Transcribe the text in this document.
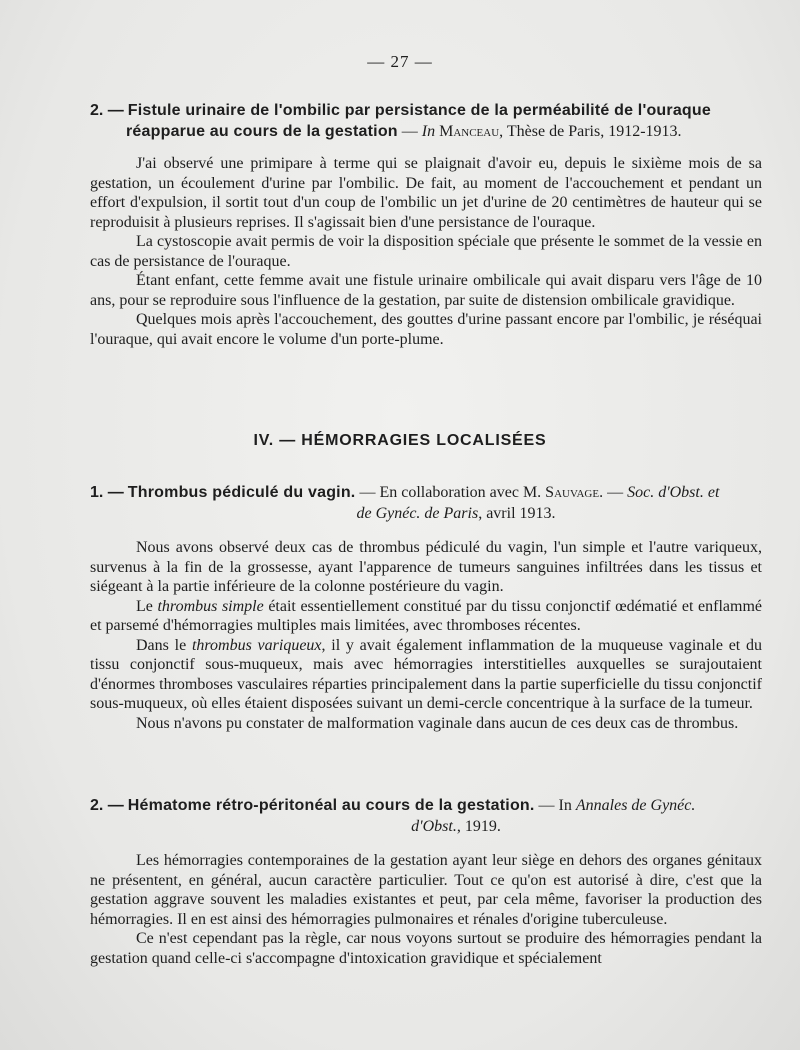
— 27 —
2. — Fistule urinaire de l'ombilic par persistance de la perméabilité de l'ouraque
réapparue au cours de la gestation — In Manceau, Thèse de Paris, 1912-1913.

J'ai observé une primipare à terme qui se plaignait d'avoir eu, depuis le sixième mois de sa gestation, un écoulement d'urine par l'ombilic. De fait, au moment de l'accouchement et pendant un effort d'expulsion, il sortit tout d'un coup de l'ombilic un jet d'urine de 20 centimètres de hauteur qui se reproduisit à plusieurs reprises. Il s'agissait bien d'une persistance de l'ouraque.

La cystoscopie avait permis de voir la disposition spéciale que présente le sommet de la vessie en cas de persistance de l'ouraque.

Étant enfant, cette femme avait une fistule urinaire ombilicale qui avait disparu vers l'âge de 10 ans, pour se reproduire sous l'influence de la gestation, par suite de distension ombilicale gravidique.

Quelques mois après l'accouchement, des gouttes d'urine passant encore par l'ombilic, je réséquai l'ouraque, qui avait encore le volume d'un porte-plume.

IV. — HÉMORRAGIES LOCALISÉES
1. — Thrombus pédiculé du vagin. — En collaboration avec M. Sauvage. — Soc. d'Obst. et
de Gynéc. de Paris, avril 1913.

Nous avons observé deux cas de thrombus pédiculé du vagin, l'un simple et l'autre variqueux, survenus à la fin de la grossesse, ayant l'apparence de tumeurs sanguines infiltrées dans les tissus et siégeant à la partie inférieure de la colonne postérieure du vagin.

Le thrombus simple était essentiellement constitué par du tissu conjonctif œdématié et enflammé et parsemé d'hémorragies multiples mais limitées, avec thromboses récentes.

Dans le thrombus variqueux, il y avait également inflammation de la muqueuse vaginale et du tissu conjonctif sous-muqueux, mais avec hémorragies interstitielles auxquelles se surajoutaient d'énormes thromboses vasculaires réparties principalement dans la partie superficielle du tissu conjonctif sous-muqueux, où elles étaient disposées suivant un demi-cercle concentrique à la surface de la tumeur.

Nous n'avons pu constater de malformation vaginale dans aucun de ces deux cas de thrombus.

2. — Hématome rétro-péritonéal au cours de la gestation. — In Annales de Gynéc.
d'Obst., 1919.

Les hémorragies contemporaines de la gestation ayant leur siège en dehors des organes génitaux ne présentent, en général, aucun caractère particulier. Tout ce qu'on est autorisé à dire, c'est que la gestation aggrave souvent les maladies existantes et peut, par cela même, favoriser la production des hémorragies. Il en est ainsi des hémorragies pulmonaires et rénales d'origine tuberculeuse.

Ce n'est cependant pas la règle, car nous voyons surtout se produire des hémorragies pendant la gestation quand celle-ci s'accompagne d'intoxication gravidique et spécialement
